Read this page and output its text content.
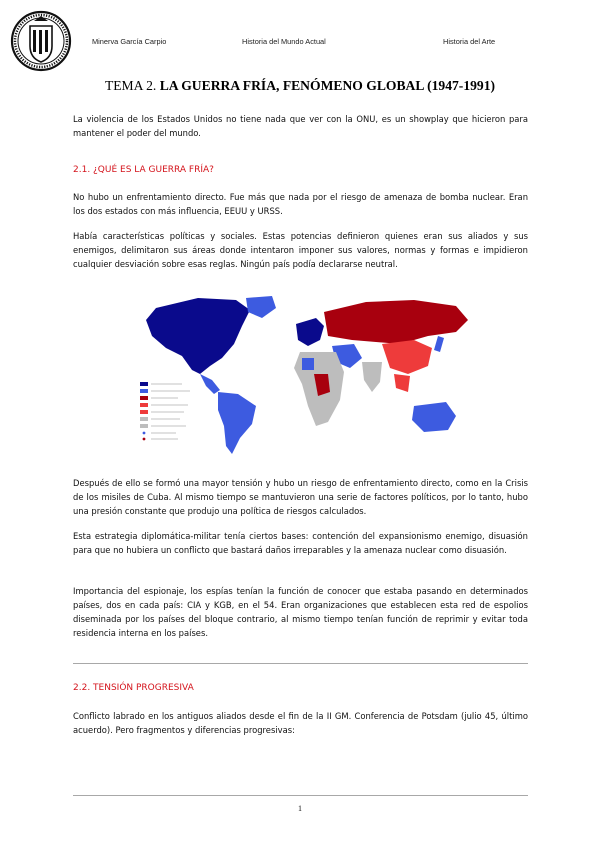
Minerva García Carpio	Historia del Mundo Actual	Historia del Arte
TEMA 2. LA GUERRA FRÍA, FENÓMENO GLOBAL (1947-1991)
La violencia de los Estados Unidos no tiene nada que ver con la ONU, es un showplay que hicieron para mantener el poder del mundo.
2.1. ¿QUÉ ES LA GUERRA FRÍA?
No hubo un enfrentamiento directo. Fue más que nada por el riesgo de amenaza de bomba nuclear. Eran los dos estados con más influencia, EEUU y URSS.
Había características políticas y sociales. Estas potencias definieron quienes eran sus aliados y sus enemigos, delimitaron sus áreas donde intentaron imponer sus valores, normas y formas e impidieron cualquier desviación sobre esas reglas. Ningún país podía declararse neutral.
Después de ello se formó una mayor tensión y hubo un riesgo de enfrentamiento directo, como en la Crisis de los misiles de Cuba. Al mismo tiempo se mantuvieron una serie de factores políticos, por lo tanto, hubo una presión constante que produjo una política de riesgos calculados.
Esta estrategia diplomática-militar tenía ciertos bases: contención del expansionismo enemigo, disuasión para que no hubiera un conflicto que bastará daños irreparables y la amenaza nuclear como disuasión.
Importancia del espionaje, los espías tenían la función de conocer que estaba pasando en determinados países, dos en cada país: CIA y KGB, en el 54. Eran organizaciones que establecen esta red de espolios diseminada por los países del bloque contrario, al mismo tiempo tenían función de reprimir y evitar toda residencia interna en los países.
2.2. TENSIÓN PROGRESIVA
Conflicto labrado en los antiguos aliados desde el fin de la II GM. Conferencia de Potsdam (julio 45, último acuerdo). Pero fragmentos y diferencias progresivas:
1
